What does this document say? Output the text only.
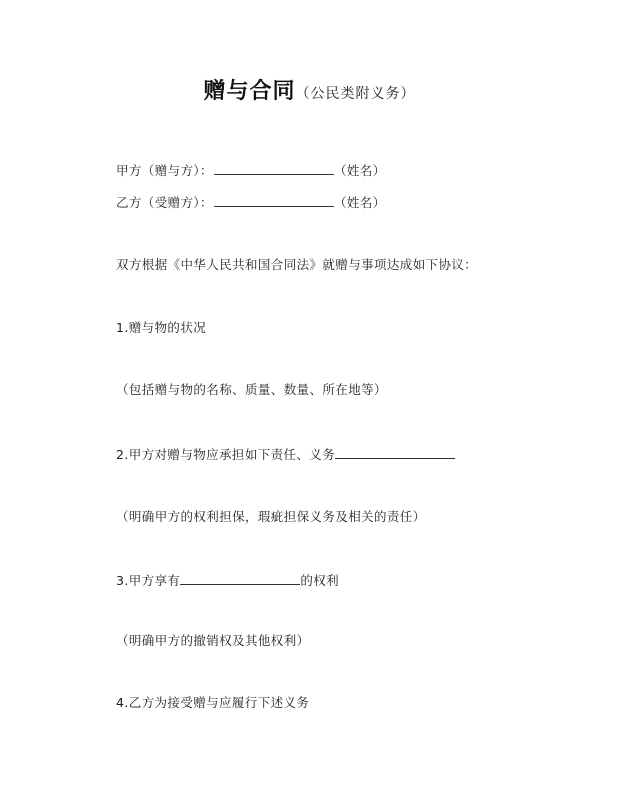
赠与合同（公民类附义务）
甲方（赠与方）：	（姓名）
乙方（受赠方）：	（姓名）
双方根据《中华人民共和国合同法》就赠与事项达成如下协议：
1.赠与物的状况
（包括赠与物的名称、质量、数量、所在地等）
2.甲方对赠与物应承担如下责任、义务
（明确甲方的权利担保，瑕疵担保义务及相关的责任）
3.甲方享有	的权利
（明确甲方的撤销权及其他权利）
4.乙方为接受赠与应履行下述义务
